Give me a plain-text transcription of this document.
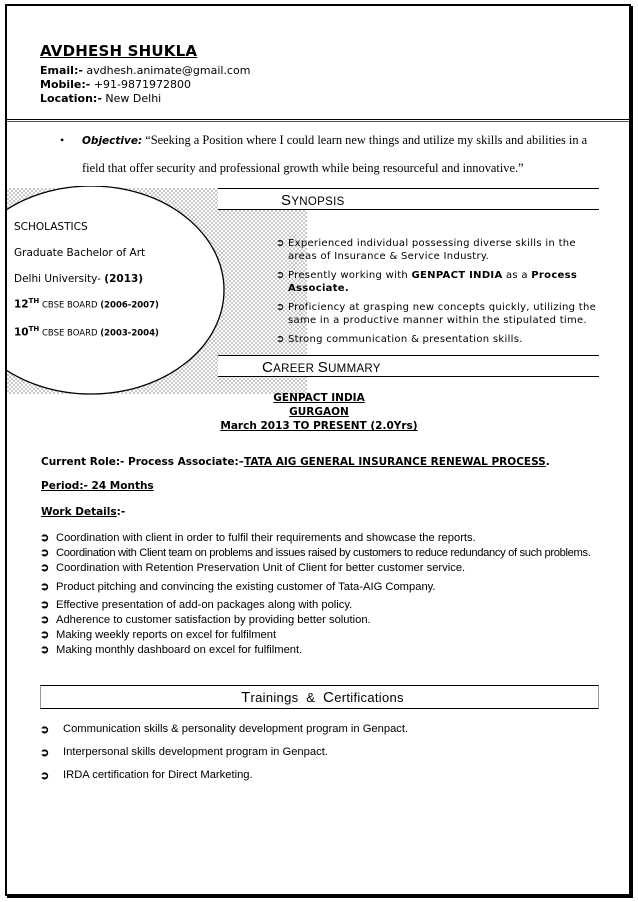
AVDHESH SHUKLA
Email:- avdhesh.animate@gmail.com
Mobile:- +91-9871972800
Location:- New Delhi
• Objective: “Seeking a Position where I could learn new things and utilize my skills and abilities in a
field that offer security and professional growth while being resourceful and innovative.”
SYNOPSIS
SCHOLASTICS
Graduate Bachelor of Art
Delhi University- (2013)
12TH CBSE BOARD (2006-2007)
10TH CBSE BOARD (2003-2004)
➲ Experienced individual possessing diverse skills in the areas of Insurance & Service Industry.
➲ Presently working with GENPACT INDIA as a Process Associate.
➲ Proficiency at grasping new concepts quickly, utilizing the same in a productive manner within the stipulated time.
➲ Strong communication & presentation skills.
CAREER SUMMARY
GENPACT INDIA
GURGAON
March 2013 TO PRESENT (2.0Yrs)
Current Role:- Process Associate:–TATA AIG GENERAL INSURANCE RENEWAL PROCESS.
Period:- 24 Months
Work Details:-
➲ Coordination with client in order to fulfil their requirements and showcase the reports.
➲ Coordination with Client team on problems and issues raised by customers to reduce redundancy of such problems.
➲ Coordination with Retention Preservation Unit of Client for better customer service.
➲ Product pitching and convincing the existing customer of Tata-AIG Company.
➲ Effective presentation of add-on packages along with policy.
➲ Adherence to customer satisfaction by providing better solution.
➲ Making weekly reports on excel for fulfilment
➲ Making monthly dashboard on excel for fulfilment.
Trainings & Certifications
➲ Communication skills & personality development program in Genpact.
➲ Interpersonal skills development program in Genpact.
➲ IRDA certification for Direct Marketing.
